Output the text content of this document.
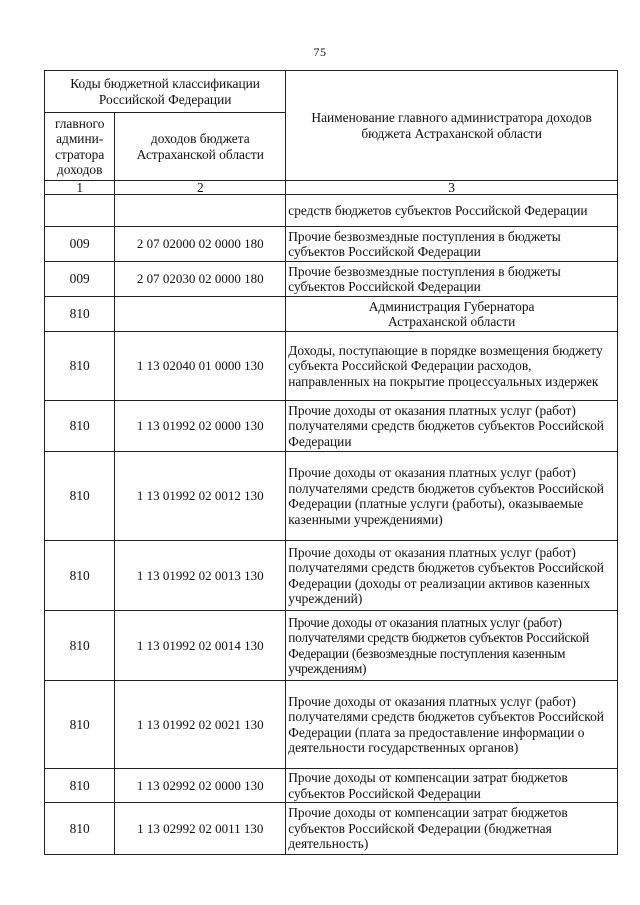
75
Коды бюджетной классификации Российской Федерации		Наименование главного администратора доходов бюджета Астраханской области
главного админи-стратора доходов	доходов бюджета Астраханской области	
1	2	3
		средств бюджетов субъектов Российской Федерации
009	2 07 02000 02 0000 180	Прочие безвозмездные поступления в бюджеты субъектов Российской Федерации
009	2 07 02030 02 0000 180	Прочие безвозмездные поступления в бюджеты субъектов Российской Федерации
810		Администрация Губернатора Астраханской области
810	1 13 02040 01 0000 130	Доходы, поступающие в порядке возмещения бюджету субъекта Российской Федерации расходов, направленных на покрытие процессуальных издержек
810	1 13 01992 02 0000 130	Прочие доходы от оказания платных услуг (работ) получателями средств бюджетов субъектов Российской Федерации
810	1 13 01992 02 0012 130	Прочие доходы от оказания платных услуг (работ) получателями средств бюджетов субъектов Российской Федерации (платные услуги (работы), оказываемые казенными учреждениями)
810	1 13 01992 02 0013 130	Прочие доходы от оказания платных услуг (работ) получателями средств бюджетов субъектов Российской Федерации (доходы от реализации активов казенных учреждений)
810	1 13 01992 02 0014 130	Прочие доходы от оказания платных услуг (работ) получателями средств бюджетов субъектов Российской Федерации (безвозмездные поступления казенным учреждениям)
810	1 13 01992 02 0021 130	Прочие доходы от оказания платных услуг (работ) получателями средств бюджетов субъектов Российской Федерации (плата за предоставление информации о деятельности государственных органов)
810	1 13 02992 02 0000 130	Прочие доходы от компенсации затрат бюджетов субъектов Российской Федерации
810	1 13 02992 02 0011 130	Прочие доходы от компенсации затрат бюджетов субъектов Российской Федерации (бюджетная деятельность)
